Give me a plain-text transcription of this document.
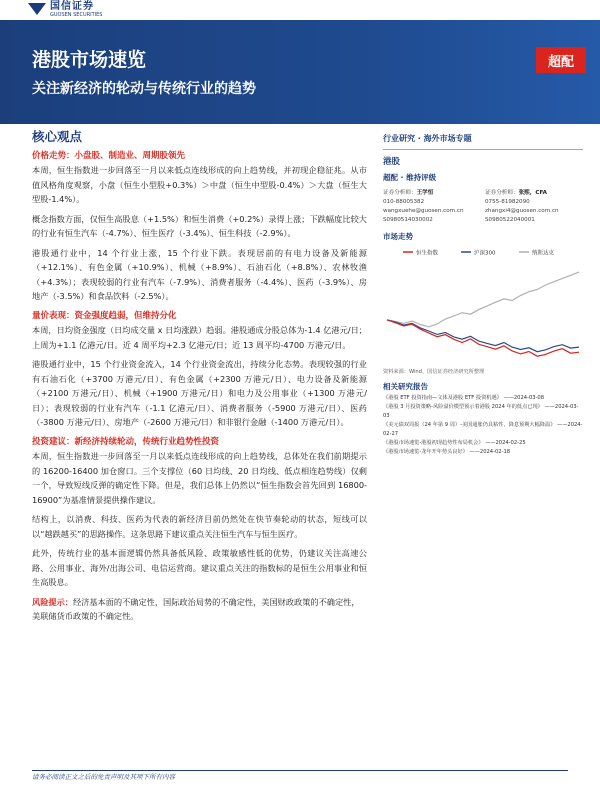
国信证券
GUOSEN SECURITIES
港股市场速览
关注新经济的轮动与传统行业的趋势
超配
核心观点
价格走势：小盘股、制造业、周期股领先
本周，恒生指数进一步回落至一月以来低点连线形成的向上趋势线，并初现企稳征兆。从市值风格角度观察，小盘（恒生小型股+0.3%）＞中盘（恒生中型股-0.4%）＞大盘（恒生大型股-1.4%）。
概念指数方面，仅恒生高股息（+1.5%）和恒生消费（+0.2%）录得上涨；下跌幅度比较大的行业有恒生汽车（-4.7%）、恒生医疗（-3.4%）、恒生科技（-2.9%）。
港股通行业中，14 个行业上涨，15 个行业下跌。表现居前的有电力设备及新能源（+12.1%）、有色金属（+10.9%）、机械（+8.9%）、石油石化（+8.8%）、农林牧渔（+4.3%）；表现较弱的行业有汽车（-7.9%）、消费者服务（-4.4%）、医药（-3.9%）、房地产（-3.5%）和食品饮料（-2.5%）。
量价表现：资金强度趋弱，但维持分化
本周，日均资金强度（日均成交量 x 日均涨跌）趋弱。港股通成分股总体为-1.4 亿港元/日；上周为+1.1 亿港元/日。近 4 周平均+2.3 亿港元/日；近 13 周平均-4700 万港元/日。
港股通行业中，15 个行业资金流入，14 个行业资金流出，持续分化态势。表现较强的行业有石油石化（+3700 万港元/日）、有色金属（+2300 万港元/日）、电力设备及新能源（+2100 万港元/日）、机械（+1900 万港元/日）和电力及公用事业（+1300 万港元/日）；表现较弱的行业有汽车（-1.1 亿港元/日）、消费者服务（-5900 万港元/日）、医药（-3800 万港元/日）、房地产（-2600 万港元/日）和非银行金融（-1400 万港元/日）。
投资建议：新经济持续轮动，传统行业趋势性投资
本周，恒生指数进一步回落至一月以来低点连线形成的向上趋势线，总体处在我们前期提示的 16200-16400 加仓窗口。三个支撑位（60 日均线、20 日均线、低点相连趋势线）仅剩一个，导致短线反弹的确定性下降。但是，我们总体上仍然以“恒生指数会首先回到 16800-16900”为基准情景提供操作建议。
结构上，以消费、科技、医药为代表的新经济目前仍然处在快节奏轮动的状态，短线可以以“越跌越买”的思路操作。这条思路下建议重点关注恒生汽车与恒生医疗。
此外，传统行业的基本面逻辑仍然具备低风险、政策敏感性低的优势，仍建议关注高速公路、公用事业、海外/出海公司、电信运营商。建议重点关注的指数标的是恒生公用事业和恒生高股息。
风险提示：经济基本面的不确定性，国际政治局势的不确定性，美国财政政策的不确定性，美联储货币政策的不确定性。
行业研究 · 海外市场专题
港股
超配 · 维持评级
证券分析师：王学恒
010-88005382
wangxuehe@guosen.com.cn
S0980514030002
证券分析师：张熙，CFA
0755-81982090
zhangxi4@guosen.com.cn
S0980522040001
市场走势
恒生指数	沪深300	纳斯达克
资料来源：Wind、国信证券经济研究所整理
相关研究报告
《港股 ETF 投资指南—文体及港股 ETF 投资机遇》 ——2024-03-08
《港股 3 月投资策略-风险溢价模型预示着港股 2024 年的低点已现》 ——2024-03-03
《美元债双周报（24 年第 9 周）-美国通胀仍具粘性，降息预期大幅降温》 ——2024-02-27
《港股市场速览-港股初现趋势性布局机会》 ——2024-02-25
《港股市场速览-龙年开年势头良好》 ——2024-02-18
请务必阅读正文之后的免责声明及其项下所有内容
